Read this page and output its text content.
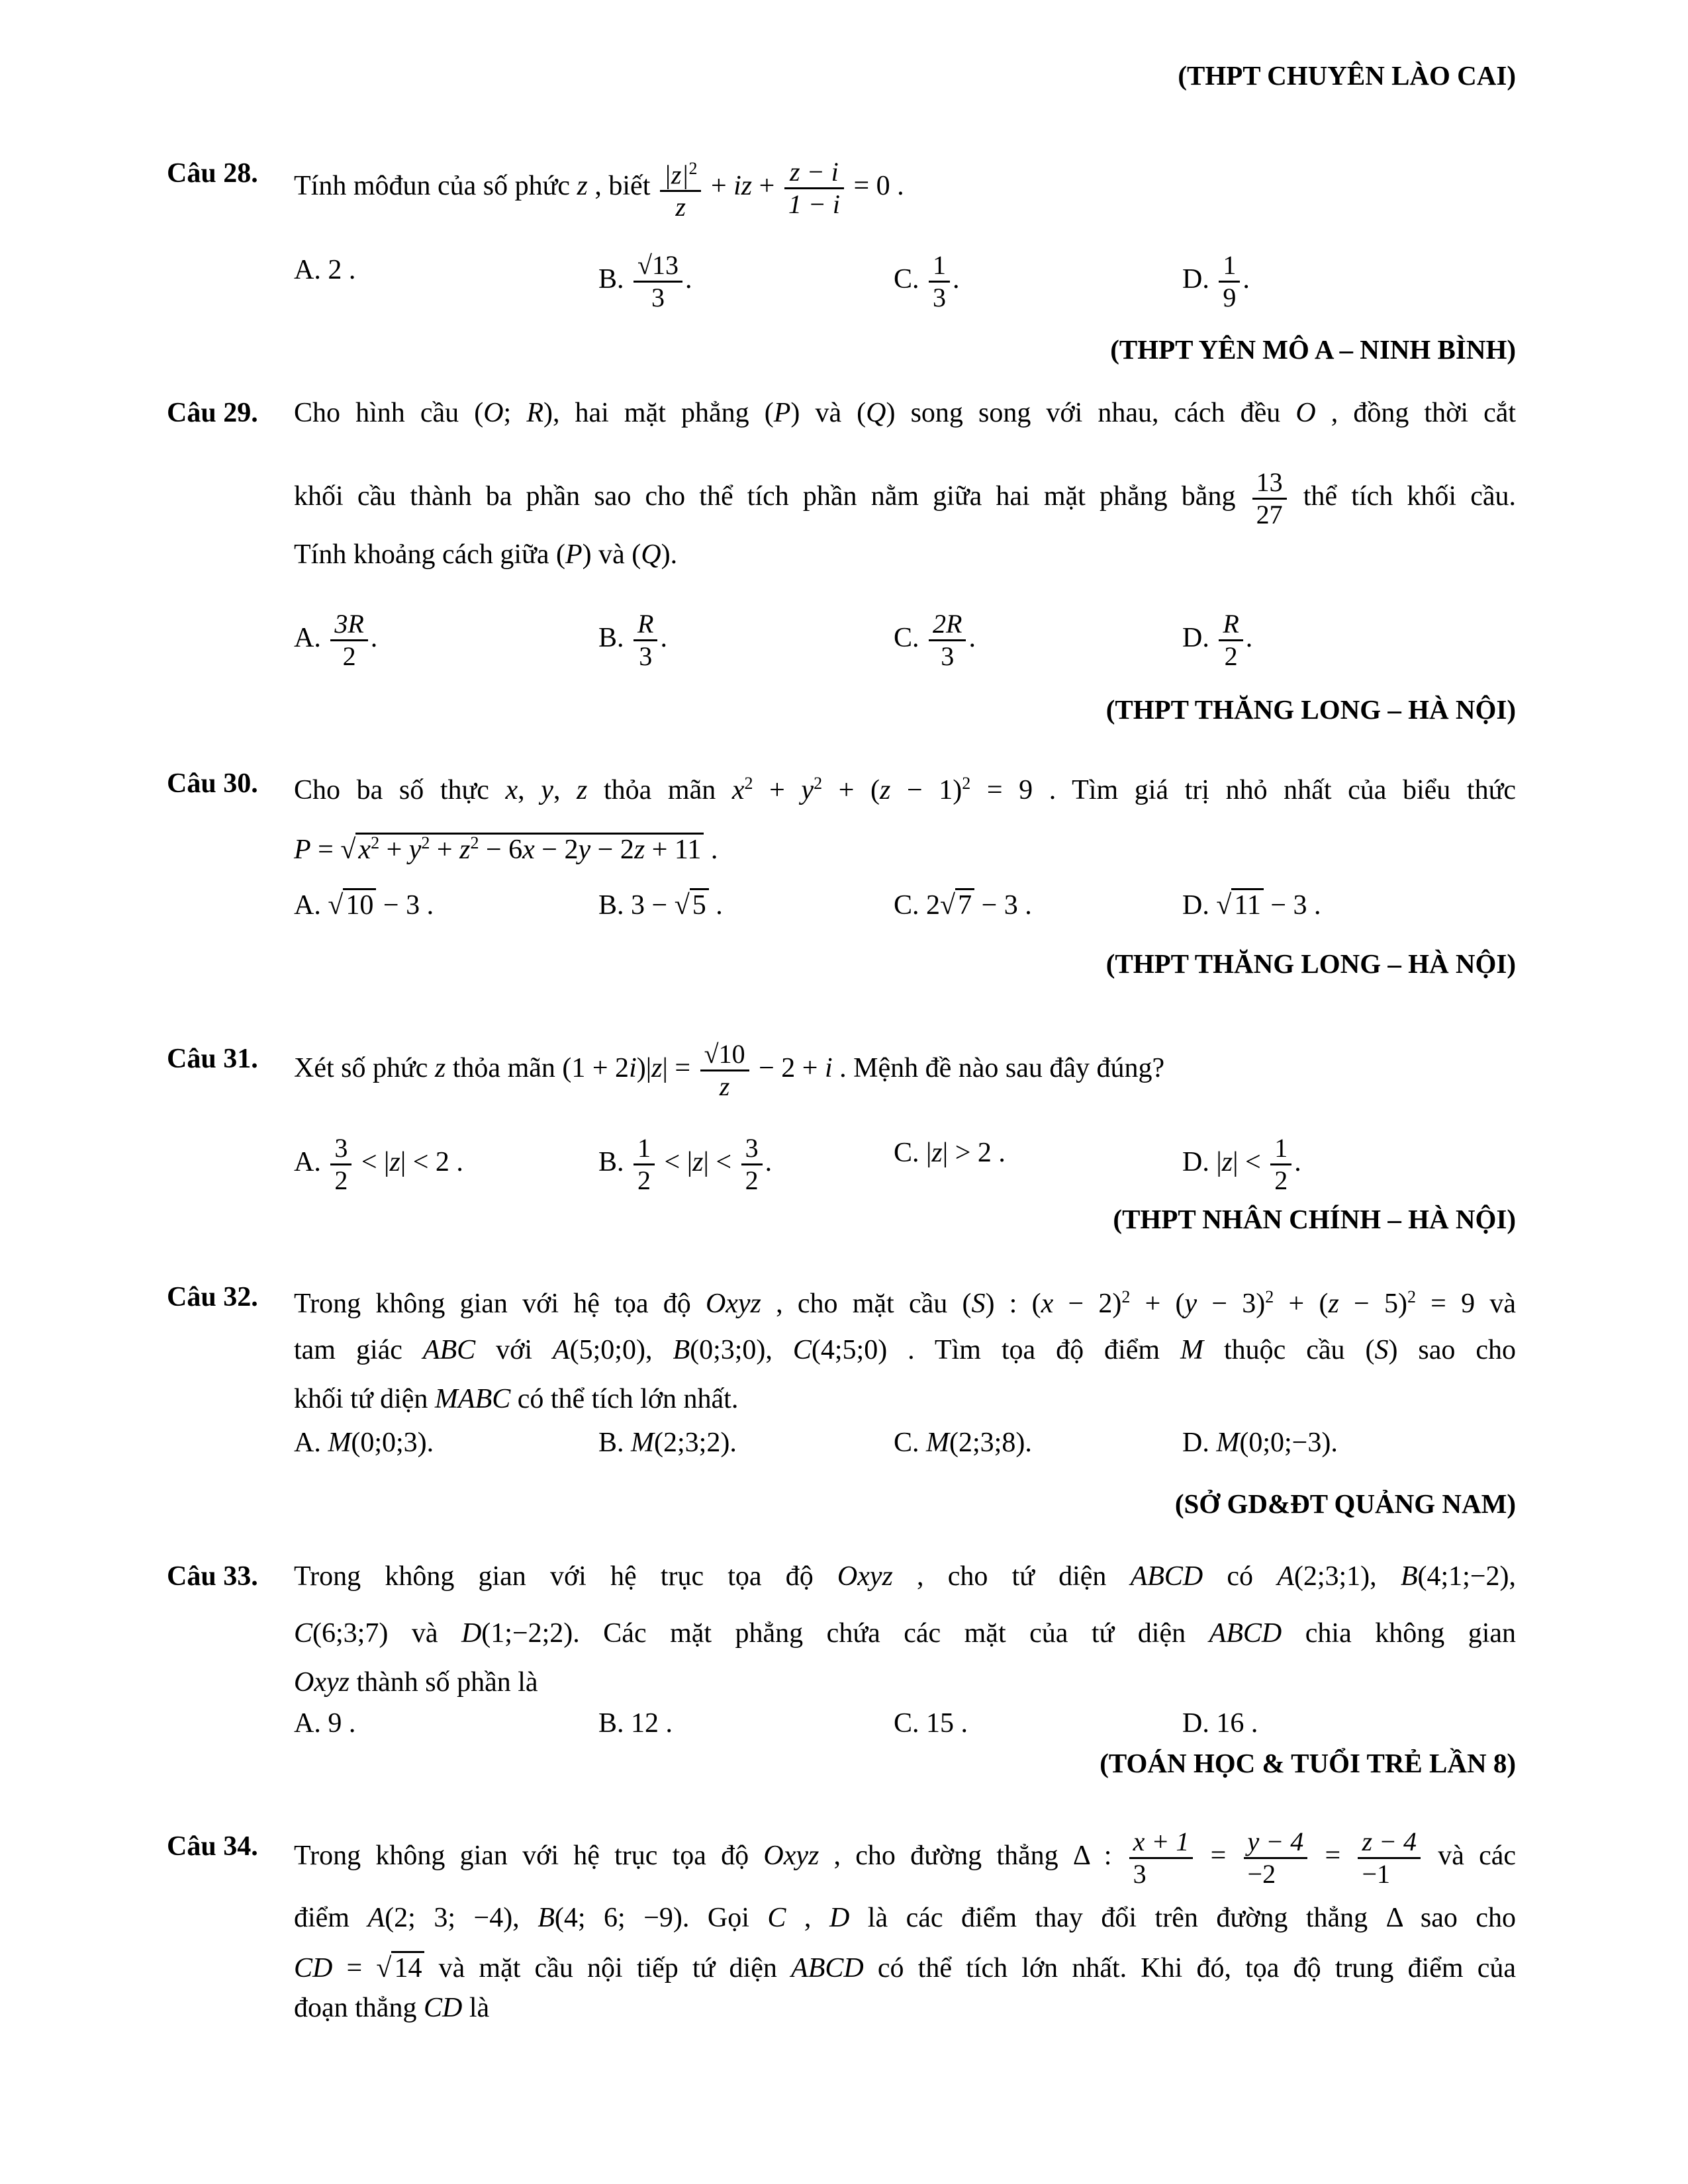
(THPT CHUYÊN LÀO CAI)
Câu 28. Tính môđun của số phức z , biết $\frac{|z|^2}{z}$ + iz + $\frac{z - i}{1 - i} = 0$ .
A. 2 .	B. $\frac{√13}{3}$ .	C. $\frac{1}{3}$ .	D. $\frac{1}{9}$ .
(THPT YÊN MÔ A – NINH BÌNH)
Câu 29. Cho hình cầu (O; R), hai mặt phẳng (P) và (Q) song song với nhau, cách đều O , đồng thời cắt
khối cầu thành ba phần sao cho thể tích phần nằm giữa hai mặt phẳng bằng $\frac{13}{27}$ thể tích khối cầu.
Tính khoảng cách giữa (P) và (Q).
A. $\frac{3R}{2}$ .	B. $\frac{R}{3}$ .	C. $\frac{2R}{3}$ .	D. $\frac{R}{2}$ .
(THPT THĂNG LONG – HÀ NỘI)
Câu 30. Cho ba số thực x, y, z thỏa mãn $x^2 + y^2 + (z - 1)^2 = 9$ . Tìm giá trị nhỏ nhất của biểu thức
$P = √x^2 + y^2 + z^2 - 6x - 2y - 2z + 11$ .
A. √10 − 3 .	B. 3 − √5 .	C. 2√7 − 3 .	D. √11 − 3 .
(THPT THĂNG LONG – HÀ NỘI)
Câu 31. Xét số phức z thỏa mãn $(1 + 2i)|z| = \frac{√10}{z} - 2 + i$ . Mệnh đề nào sau đây đúng?
A. $\frac{3}{2} < |z| < 2$ .	B. $\frac{1}{2} < |z| < \frac{3}{2}$ .	C. |z| > 2 .	D. $|z| < \frac{1}{2}$ .
(THPT NHÂN CHÍNH – HÀ NỘI)
Câu 32. Trong không gian với hệ tọa độ Oxyz , cho mặt cầu (S) : $(x - 2)^2 + (y - 3)^2 + (z - 5)^2 = 9$ và
tam giác ABC với A(5;0;0), B(0;3;0), C(4;5;0) . Tìm tọa độ điểm M thuộc cầu (S) sao cho
khối tứ diện MABC có thể tích lớn nhất.
A. M(0;0;3).	B. M(2;3;2).	C. M(2;3;8).	D. M(0;0;−3).
(SỞ GD&ĐT QUẢNG NAM)
Câu 33. Trong không gian với hệ trục tọa độ Oxyz , cho tứ diện ABCD có A(2;3;1), B(4;1;−2),
C(6;3;7) và D(1;−2;2). Các mặt phẳng chứa các mặt của tứ diện ABCD chia không gian
Oxyz thành số phần là
A. 9 .	B. 12 .	C. 15 .	D. 16 .
(TOÁN HỌC & TUỔI TRẺ LẦN 8)
Câu 34. Trong không gian với hệ trục tọa độ Oxyz , cho đường thẳng Δ : $\frac{x + 1}{3} = \frac{y - 4}{-2} = \frac{z - 4}{-1}$ và các
điểm A(2; 3; −4), B(4; 6; −9). Gọi C , D là các điểm thay đổi trên đường thẳng Δ sao cho
CD = √14 và mặt cầu nội tiếp tứ diện ABCD có thể tích lớn nhất. Khi đó, tọa độ trung điểm của
đoạn thẳng CD là
